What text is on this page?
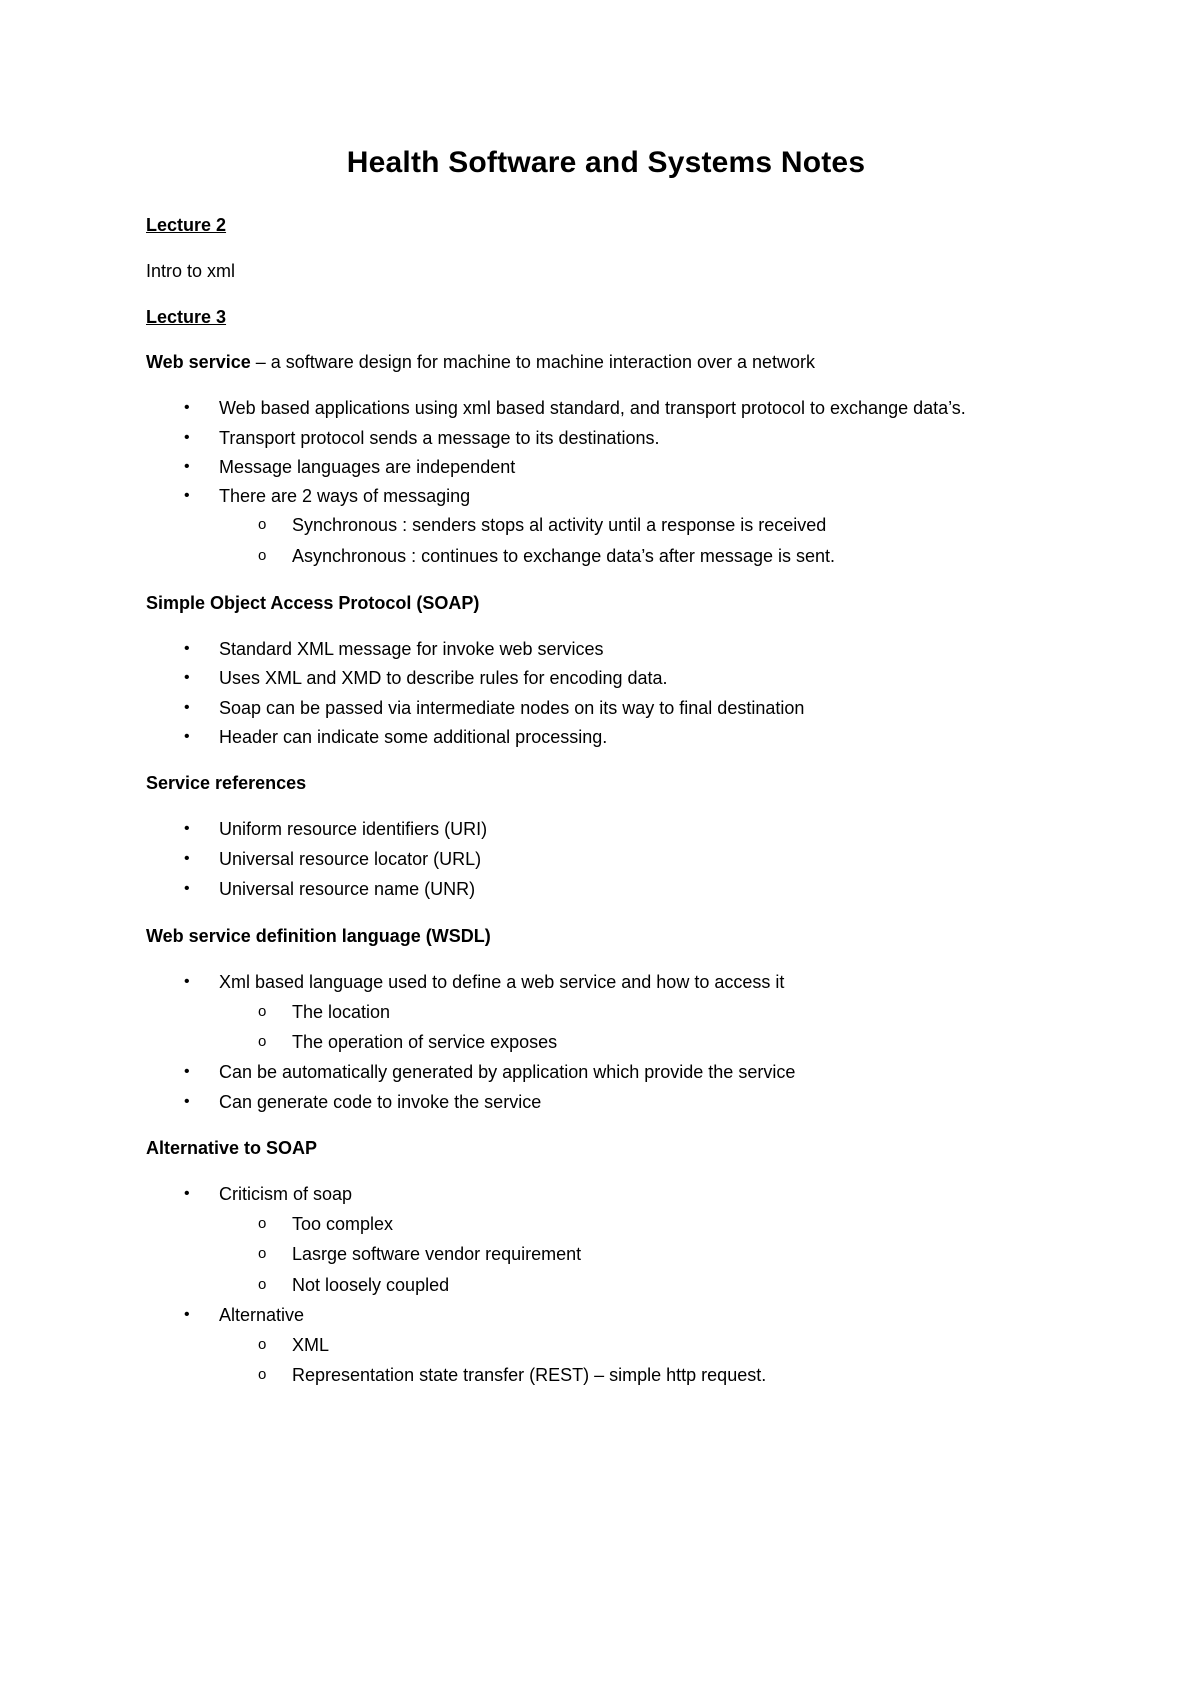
Health Software and Systems Notes
Lecture 2
Intro to xml
Lecture 3
Web service – a software design for machine to machine interaction over a network
• Web based applications using xml based standard, and transport protocol to exchange data’s.
• Transport protocol sends a message to its destinations.
• Message languages are independent
• There are 2 ways of messaging
o Synchronous : senders stops al activity until a response is received
o Asynchronous : continues to exchange data’s after message is sent.
Simple Object Access Protocol (SOAP)
• Standard XML message for invoke web services
• Uses XML and XMD to describe rules for encoding data.
• Soap can be passed via intermediate nodes on its way to final destination
• Header can indicate some additional processing.
Service references
• Uniform resource identifiers (URI)
• Universal resource locator (URL)
• Universal resource name (UNR)
Web service definition language (WSDL)
• Xml based language used to define a web service and how to access it
o The location
o The operation of service exposes
• Can be automatically generated by application which provide the service
• Can generate code to invoke the service
Alternative to SOAP
• Criticism of soap
o Too complex
o Lasrge software vendor requirement
o Not loosely coupled
• Alternative
o XML
o Representation state transfer (REST) – simple http request.
